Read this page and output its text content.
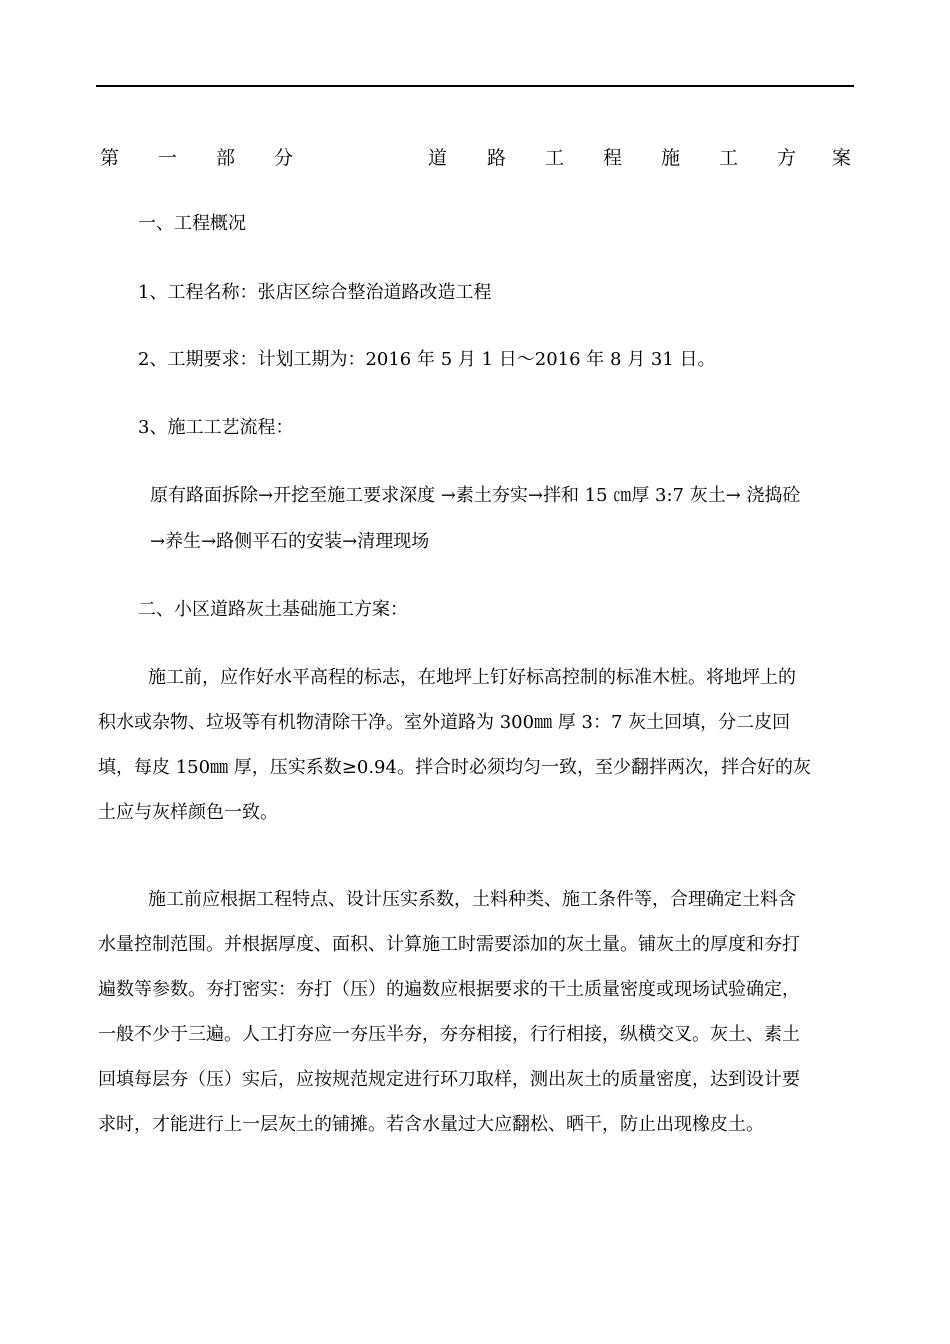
第 一 部 分	道 路 工 程 施 工 方 案
一、工程概况
1、工程名称：张店区综合整治道路改造工程
2、工期要求：计划工期为：2016 年 5 月 1 日～2016 年 8 月 31 日。
3、施工工艺流程：
原有路面拆除→开挖至施工要求深度 →素土夯实→拌和 15 ㎝厚 3:7 灰土→ 浇捣砼
→养生→路侧平石的安装→清理现场
二、小区道路灰土基础施工方案：
施工前，应作好水平高程的标志，在地坪上钉好标高控制的标准木桩。将地坪上的
积水或杂物、垃圾等有机物清除干净。室外道路为 300㎜ 厚 3：7 灰土回填，分二皮回
填，每皮 150㎜ 厚，压实系数≥0.94。拌合时必须均匀一致，至少翻拌两次，拌合好的灰
土应与灰样颜色一致。
施工前应根据工程特点、设计压实系数，土料种类、施工条件等，合理确定土料含
水量控制范围。并根据厚度、面积、计算施工时需要添加的灰土量。铺灰土的厚度和夯打
遍数等参数。夯打密实：夯打（压）的遍数应根据要求的干土质量密度或现场试验确定，
一般不少于三遍。人工打夯应一夯压半夯，夯夯相接，行行相接，纵横交叉。灰土、素土
回填每层夯（压）实后，应按规范规定进行环刀取样，测出灰土的质量密度，达到设计要
求时，才能进行上一层灰土的铺摊。若含水量过大应翻松、晒干，防止出现橡皮土。
